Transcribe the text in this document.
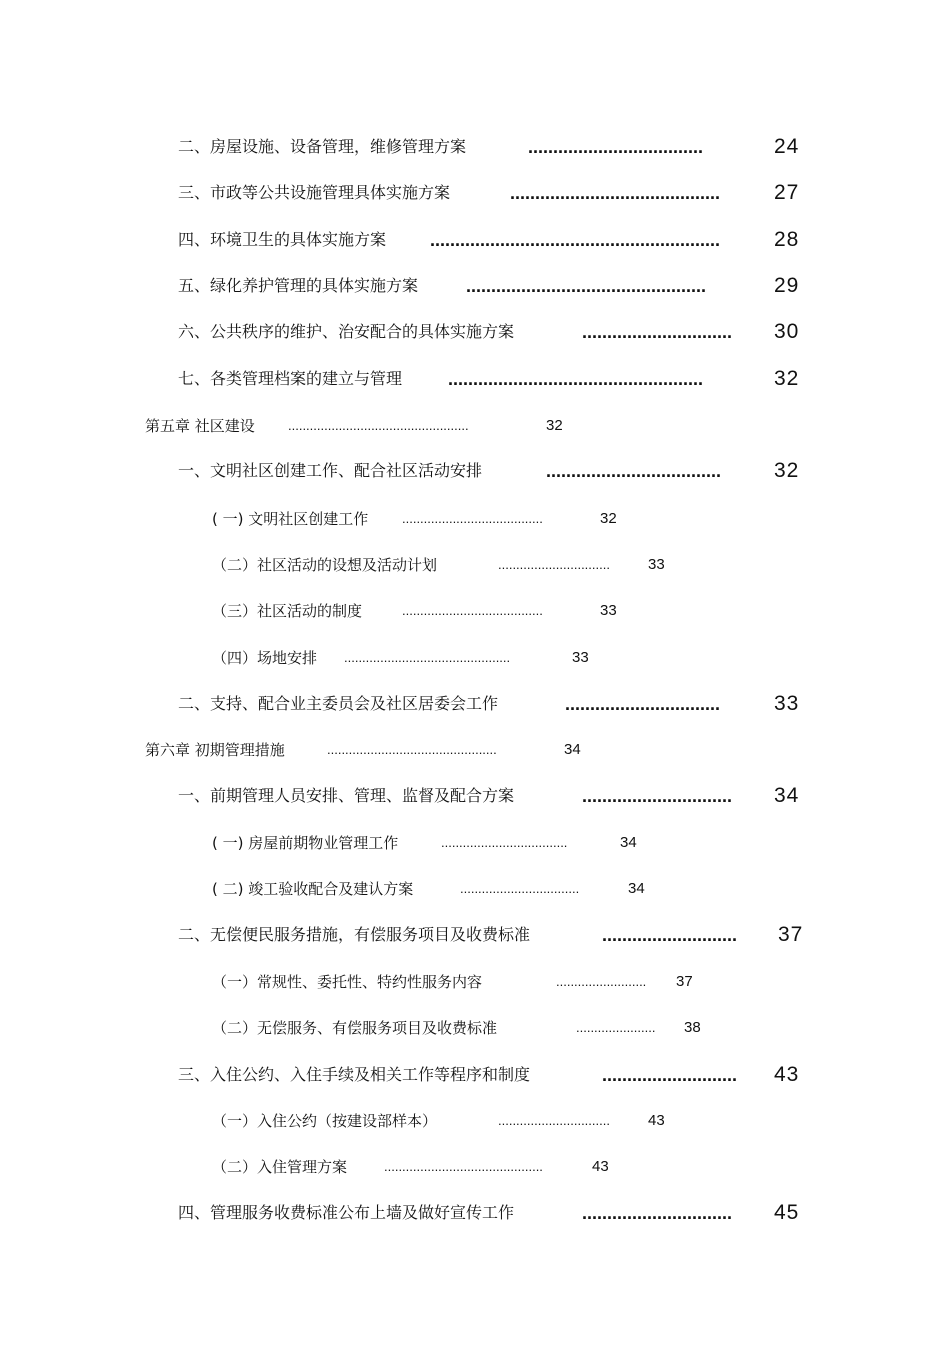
二、房屋设施、设备管理，维修管理方案	...................................	24
三、市政等公共设施管理具体实施方案	..........................................	27
四、环境卫生的具体实施方案 ..........................................................	28
五、绿化养护管理的具体实施方案	................................................	29
六、公共秩序的维护、治安配合的具体实施方案	..............................	30
七、各类管理档案的建立与管理	...................................................	32
第五章 社区建设	..................................................	32
一、文明社区创建工作、配合社区活动安排	...................................	32
( 一) 文明社区创建工作	.......................................	32
（二）社区活动的设想及活动计划	...............................	33
（三）社区活动的制度	.......................................	33
（四）场地安排 ..............................................	33
二、支持、配合业主委员会及社区居委会工作	...............................	33
第六章 初期管理措施	...............................................	34
一、前期管理人员安排、管理、监督及配合方案	..............................	34
( 一) 房屋前期物业管理工作	...................................	34
( 二) 竣工验收配合及建认方案	.................................	34
二、无偿便民服务措施，有偿服务项目及收费标准	...........................	37
（一）常规性、委托性、特约性服务内容	.........................	37
（二）无偿服务、有偿服务项目及收费标准	......................	38
三、入住公约、入住手续及相关工作等程序和制度	...........................	43
（一）入住公约（按建设部样本）	...............................	43
（二）入住管理方案	............................................	43
四、管理服务收费标准公布上墙及做好宣传工作	..............................	45
